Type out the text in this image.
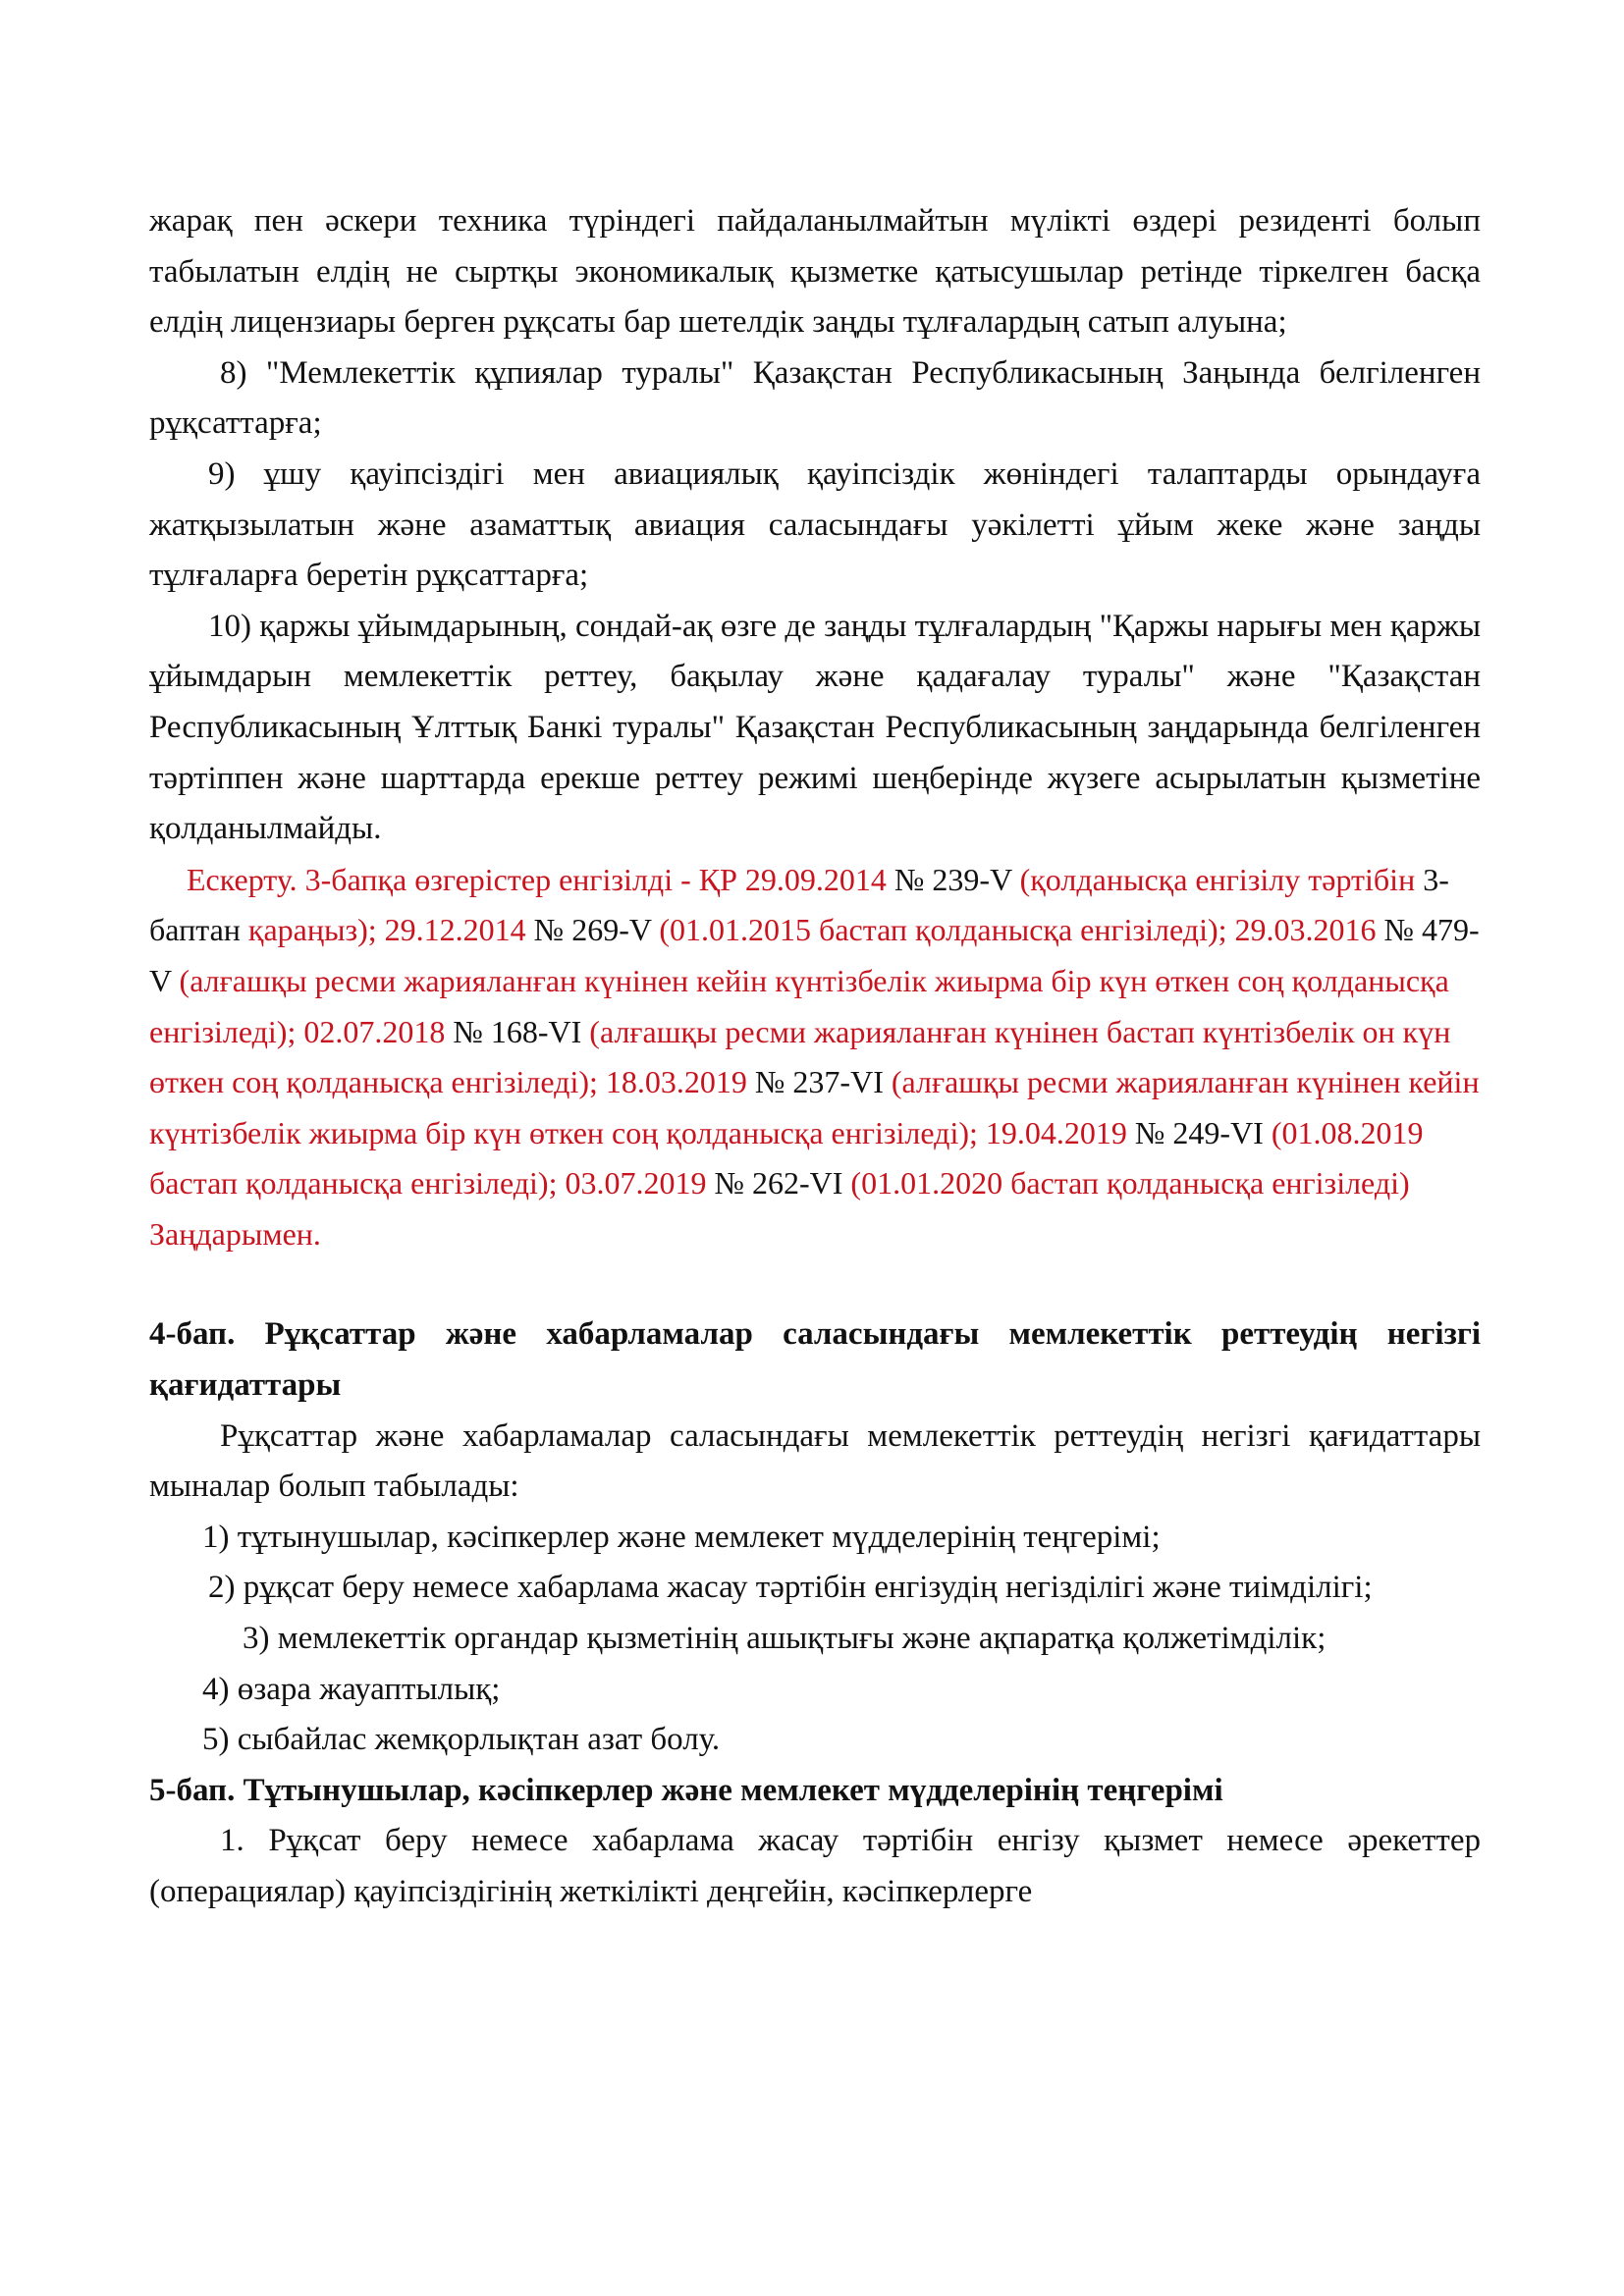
жарақ пен әскери техника түріндегі пайдаланылмайтын мүлікті өздері резиденті болып табылатын елдің не сыртқы экономикалық қызметке қатысушылар ретінде тіркелген басқа елдің лицензиары берген рұқсаты бар шетелдік заңды тұлғалардың сатып алуына;

8) "Мемлекеттік құпиялар туралы" Қазақстан Республикасының Заңында белгіленген рұқсаттарға;

9) ұшу қауіпсіздігі мен авиациялық қауіпсіздік жөніндегі талаптарды орындауға жатқызылатын және азаматтық авиация саласындағы уәкілетті ұйым жеке және заңды тұлғаларға беретін рұқсаттарға;

10) қаржы ұйымдарының, сондай-ақ өзге де заңды тұлғалардың "Қаржы нарығы мен қаржы ұйымдарын мемлекеттік реттеу, бақылау және қадағалау туралы" және "Қазақстан Республикасының Ұлттық Банкі туралы" Қазақстан Республикасының заңдарында белгіленген тәртіппен және шарттарда ерекше реттеу режимі шеңберінде жүзеге асырылатын қызметіне қолданылмайды.

Ескерту. 3-бапқа өзгерістер енгізілді - ҚР 29.09.2014 № 239-V (қолданысқа енгізілу тәртібін 3-баптан қараңыз); 29.12.2014 № 269-V (01.01.2015 бастап қолданысқа енгізіледі); 29.03.2016 № 479-V (алғашқы ресми жарияланған күнінен кейін күнтізбелік жиырма бір күн өткен соң қолданысқа енгізіледі); 02.07.2018 № 168-VI (алғашқы ресми жарияланған күнінен бастап күнтізбелік он күн өткен соң қолданысқа енгізіледі); 18.03.2019 № 237-VI (алғашқы ресми жарияланған күнінен кейін күнтізбелік жиырма бір күн өткен соң қолданысқа енгізіледі); 19.04.2019 № 249-VI (01.08.2019 бастап қолданысқа енгізіледі); 03.07.2019 № 262-VI (01.01.2020 бастап қолданысқа енгізіледі) Заңдарымен.

4-бап. Рұқсаттар және хабарламалар саласындағы мемлекеттік реттеудің негізгі қағидаттары

Рұқсаттар және хабарламалар саласындағы мемлекеттік реттеудің негізгі қағидаттары мыналар болып табылады:

1) тұтынушылар, кәсіпкерлер және мемлекет мүдделерінің теңгерімі;

2) рұқсат беру немесе хабарлама жасау тәртібін енгізудің негізділігі және тиімділігі;

3) мемлекеттік органдар қызметінің ашықтығы және ақпаратқа қолжетімділік;

4) өзара жауаптылық;

5) сыбайлас жемқорлықтан азат болу.

5-бап. Тұтынушылар, кәсіпкерлер және мемлекет мүдделерінің теңгерімі

1. Рұқсат беру немесе хабарлама жасау тәртібін енгізу қызмет немесе әрекеттер (операциялар) қауіпсіздігінің жеткілікті деңгейін, кәсіпкерлерге
